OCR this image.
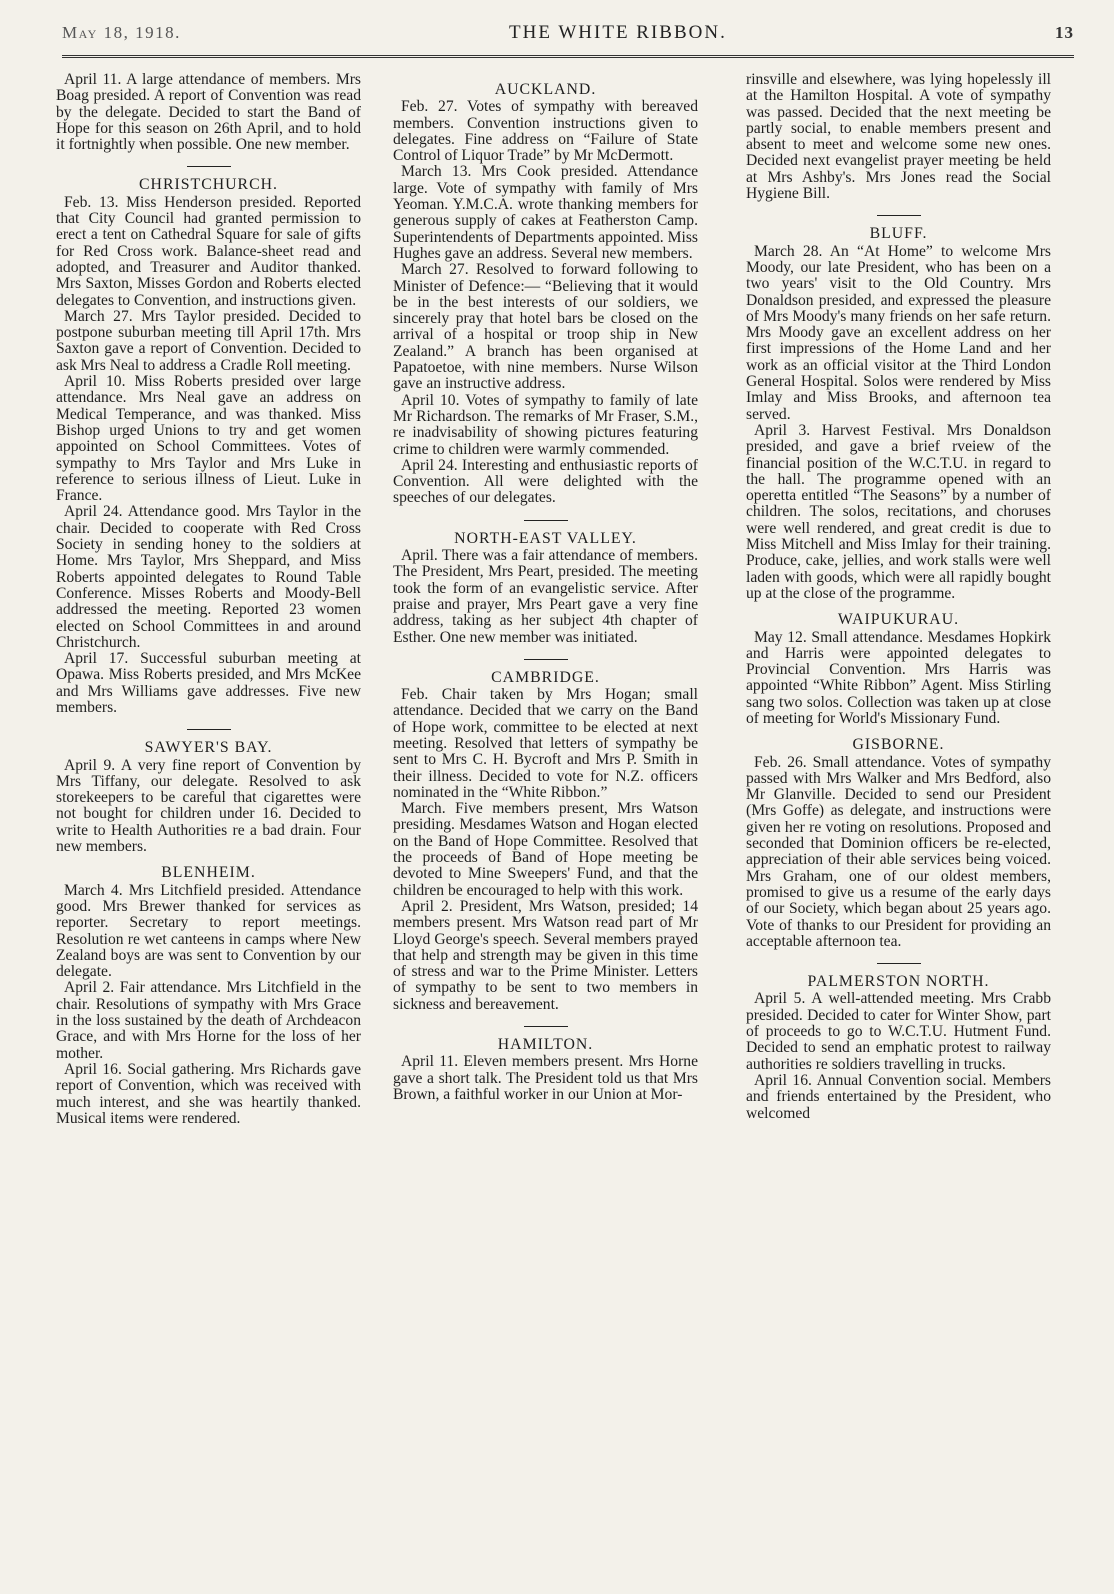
May 18, 1918.	THE WHITE RIBBON.	13

April 11. A large attendance of members. Mrs Boag presided. A report of Convention was read by the delegate. Decided to start the Band of Hope for this season on 26th April, and to hold it fortnightly when possible. One new member.

CHRISTCHURCH.

Feb. 13. Miss Henderson presided. Reported that City Council had granted permission to erect a tent on Cathedral Square for sale of gifts for Red Cross work. Balance-sheet read and adopted, and Treasurer and Auditor thanked. Mrs Saxton, Misses Gordon and Roberts elected delegates to Convention, and instructions given.

March 27. Mrs Taylor presided. Decided to postpone suburban meeting till April 17th. Mrs Saxton gave a report of Convention. Decided to ask Mrs Neal to address a Cradle Roll meeting.

April 10. Miss Roberts presided over large attendance. Mrs Neal gave an address on Medical Temperance, and was thanked. Miss Bishop urged Unions to try and get women appointed on School Committees. Votes of sympathy to Mrs Taylor and Mrs Luke in reference to serious illness of Lieut. Luke in France.

April 24. Attendance good. Mrs Taylor in the chair. Decided to cooperate with Red Cross Society in sending honey to the soldiers at Home. Mrs Taylor, Mrs Sheppard, and Miss Roberts appointed delegates to Round Table Conference. Misses Roberts and Moody-Bell addressed the meeting. Reported 23 women elected on School Committees in and around Christchurch.

April 17. Successful suburban meeting at Opawa. Miss Roberts presided, and Mrs McKee and Mrs Williams gave addresses. Five new members.

SAWYER'S BAY.

April 9. A very fine report of Convention by Mrs Tiffany, our delegate. Resolved to ask storekeepers to be careful that cigarettes were not bought for children under 16. Decided to write to Health Authorities re a bad drain. Four new members.

BLENHEIM.

March 4. Mrs Litchfield presided. Attendance good. Mrs Brewer thanked for services as reporter. Secretary to report meetings. Resolution re wet canteens in camps where New Zealand boys are was sent to Convention by our delegate.

April 2. Fair attendance. Mrs Litchfield in the chair. Resolutions of sympathy with Mrs Grace in the loss sustained by the death of Archdeacon Grace, and with Mrs Horne for the loss of her mother.

April 16. Social gathering. Mrs Richards gave report of Convention, which was received with much interest, and she was heartily thanked. Musical items were rendered.

AUCKLAND.

Feb. 27. Votes of sympathy with bereaved members. Convention instructions given to delegates. Fine address on “Failure of State Control of Liquor Trade” by Mr McDermott.

March 13. Mrs Cook presided. Attendance large. Vote of sympathy with family of Mrs Yeoman. Y.M.C.A. wrote thanking members for generous supply of cakes at Featherston Camp. Superintendents of Departments appointed. Miss Hughes gave an address. Several new members.

March 27. Resolved to forward following to Minister of Defence:— “Believing that it would be in the best interests of our soldiers, we sincerely pray that hotel bars be closed on the arrival of a hospital or troop ship in New Zealand.” A branch has been organised at Papatoetoe, with nine members. Nurse Wilson gave an instructive address.

April 10. Votes of sympathy to family of late Mr Richardson. The remarks of Mr Fraser, S.M., re inadvisability of showing pictures featuring crime to children were warmly commended.

April 24. Interesting and enthusiastic reports of Convention. All were delighted with the speeches of our delegates.

NORTH-EAST VALLEY.

April. There was a fair attendance of members. The President, Mrs Peart, presided. The meeting took the form of an evangelistic service. After praise and prayer, Mrs Peart gave a very fine address, taking as her subject 4th chapter of Esther. One new member was initiated.

CAMBRIDGE.

Feb. Chair taken by Mrs Hogan; small attendance. Decided that we carry on the Band of Hope work, committee to be elected at next meeting. Resolved that letters of sympathy be sent to Mrs C. H. Bycroft and Mrs P. Smith in their illness. Decided to vote for N.Z. officers nominated in the “White Ribbon.”

March. Five members present, Mrs Watson presiding. Mesdames Watson and Hogan elected on the Band of Hope Committee. Resolved that the proceeds of Band of Hope meeting be devoted to Mine Sweepers' Fund, and that the children be encouraged to help with this work.

April 2. President, Mrs Watson, presided; 14 members present. Mrs Watson read part of Mr Lloyd George's speech. Several members prayed that help and strength may be given in this time of stress and war to the Prime Minister. Letters of sympathy to be sent to two members in sickness and bereavement.

HAMILTON.

April 11. Eleven members present. Mrs Horne gave a short talk. The President told us that Mrs Brown, a faithful worker in our Union at Mor-

rinsville and elsewhere, was lying hopelessly ill at the Hamilton Hospital. A vote of sympathy was passed. Decided that the next meeting be partly social, to enable members present and absent to meet and welcome some new ones. Decided next evangelist prayer meeting be held at Mrs Ashby's. Mrs Jones read the Social Hygiene Bill.

BLUFF.

March 28. An “At Home” to welcome Mrs Moody, our late President, who has been on a two years' visit to the Old Country. Mrs Donaldson presided, and expressed the pleasure of Mrs Moody's many friends on her safe return. Mrs Moody gave an excellent address on her first impressions of the Home Land and her work as an official visitor at the Third London General Hospital. Solos were rendered by Miss Imlay and Miss Brooks, and afternoon tea served.

April 3. Harvest Festival. Mrs Donaldson presided, and gave a brief rveiew of the financial position of the W.C.T.U. in regard to the hall. The programme opened with an operetta entitled “The Seasons” by a number of children. The solos, recitations, and choruses were well rendered, and great credit is due to Miss Mitchell and Miss Imlay for their training. Produce, cake, jellies, and work stalls were well laden with goods, which were all rapidly bought up at the close of the programme.

WAIPUKURAU.

May 12. Small attendance. Mesdames Hopkirk and Harris were appointed delegates to Provincial Convention. Mrs Harris was appointed “White Ribbon” Agent. Miss Stirling sang two solos. Collection was taken up at close of meeting for World's Missionary Fund.

GISBORNE.

Feb. 26. Small attendance. Votes of sympathy passed with Mrs Walker and Mrs Bedford, also Mr Glanville. Decided to send our President (Mrs Goffe) as delegate, and instructions were given her re voting on resolutions. Proposed and seconded that Dominion officers be re-elected, appreciation of their able services being voiced. Mrs Graham, one of our oldest members, promised to give us a resume of the early days of our Society, which began about 25 years ago. Vote of thanks to our President for providing an acceptable afternoon tea.

PALMERSTON NORTH.

April 5. A well-attended meeting. Mrs Crabb presided. Decided to cater for Winter Show, part of proceeds to go to W.C.T.U. Hutment Fund. Decided to send an emphatic protest to railway authorities re soldiers travelling in trucks.

April 16. Annual Convention social. Members and friends entertained by the President, who welcomed
